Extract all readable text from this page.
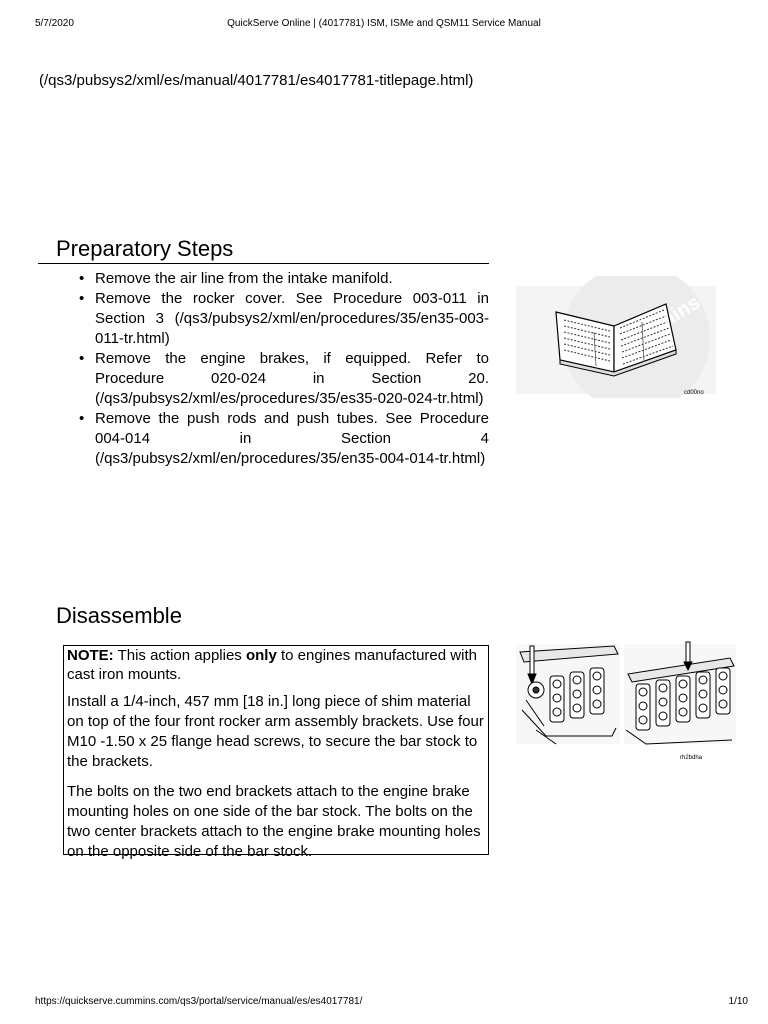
5/7/2020	QuickServe Online | (4017781) ISM, ISMe and QSM11 Service Manual
(/qs3/pubsys2/xml/es/manual/4017781/es4017781-titlepage.html)
Preparatory Steps
• Remove the air line from the intake manifold.
• Remove the rocker cover. See Procedure 003-011 in Section 3 (/qs3/pubsys2/xml/en/procedures/35/en35-003-011-tr.html)
• Remove the engine brakes, if equipped. Refer to Procedure 020-024 in Section 20. (/qs3/pubsys2/xml/es/procedures/35/es35-020-024-tr.html)
• Remove the push rods and push tubes. See Procedure 004-014 in Section 4 (/qs3/pubsys2/xml/en/procedures/35/en35-004-014-tr.html)
cd00no
Disassemble

NOTE: This action applies only to engines manufactured with cast iron mounts.

Install a 1/4-inch, 457 mm [18 in.] long piece of shim material on top of the four front rocker arm assembly brackets. Use four M10 -1.50 x 25 flange head screws, to secure the bar stock to the brackets.

The bolts on the two end brackets attach to the engine brake mounting holes on one side of the bar stock. The bolts on the two center brackets attach to the engine brake mounting holes on the opposite side of the bar stock.

rh2bdha
https://quickserve.cummins.com/qs3/portal/service/manual/es/es4017781/	1/10
